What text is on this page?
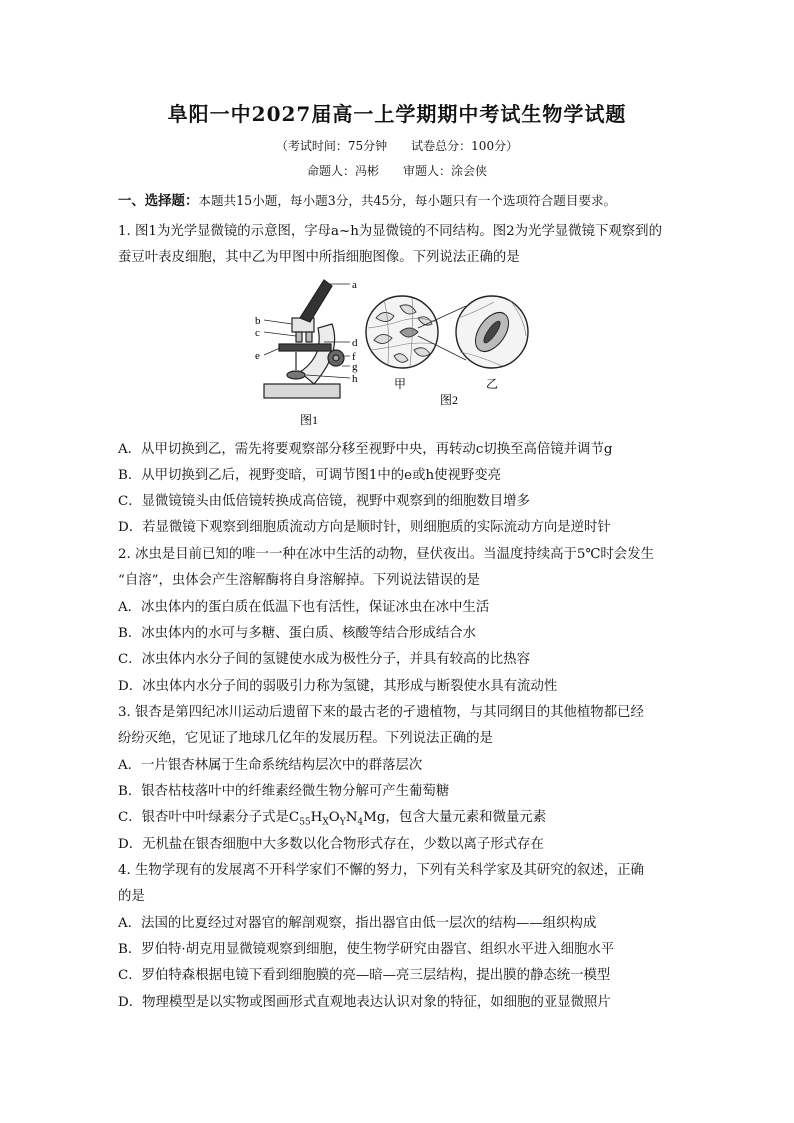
阜阳一中2027届高一上学期期中考试生物学试题
（考试时间：75分钟　　试卷总分：100分）
命题人：冯彬　　审题人：涂会侠
一、选择题：本题共15小题，每小题3分，共45分，每小题只有一个选项符合题目要求。
1. 图1为光学显微镜的示意图，字母a~h为显微镜的不同结构。图2为光学显微镜下观察到的
蚕豆叶表皮细胞，其中乙为甲图中所指细胞图像。下列说法正确的是
a
b
c
d
e	f
g
h
图1
甲	乙
图2
A．从甲切换到乙，需先将要观察部分移至视野中央，再转动c切换至高倍镜并调节g
B．从甲切换到乙后，视野变暗，可调节图1中的e或h使视野变亮
C．显微镜镜头由低倍镜转换成高倍镜，视野中观察到的细胞数目增多
D．若显微镜下观察到细胞质流动方向是顺时针，则细胞质的实际流动方向是逆时针
2. 冰虫是目前已知的唯一一种在冰中生活的动物，昼伏夜出。当温度持续高于5℃时会发生
“自溶”，虫体会产生溶解酶将自身溶解掉。下列说法错误的是
A．冰虫体内的蛋白质在低温下也有活性，保证冰虫在冰中生活
B．冰虫体内的水可与多糖、蛋白质、核酸等结合形成结合水
C．冰虫体内水分子间的氢键使水成为极性分子，并具有较高的比热容
D．冰虫体内水分子间的弱吸引力称为氢键，其形成与断裂使水具有流动性
3. 银杏是第四纪冰川运动后遗留下来的最古老的孑遗植物，与其同纲目的其他植物都已经
纷纷灭绝，它见证了地球几亿年的发展历程。下列说法正确的是
A．一片银杏林属于生命系统结构层次中的群落层次
B．银杏枯枝落叶中的纤维素经微生物分解可产生葡萄糖
C．银杏叶中叶绿素分子式是$C_{55}H_XO_YN_4Mg$，包含大量元素和微量元素
D．无机盐在银杏细胞中大多数以化合物形式存在，少数以离子形式存在
4. 生物学现有的发展离不开科学家们不懈的努力，下列有关科学家及其研究的叙述，正确
的是
A．法国的比夏经过对器官的解剖观察，指出器官由低一层次的结构——组织构成
B．罗伯特·胡克用显微镜观察到细胞，使生物学研究由器官、组织水平进入细胞水平
C．罗伯特森根据电镜下看到细胞膜的亮—暗—亮三层结构，提出膜的静态统一模型
D．物理模型是以实物或图画形式直观地表达认识对象的特征，如细胞的亚显微照片
